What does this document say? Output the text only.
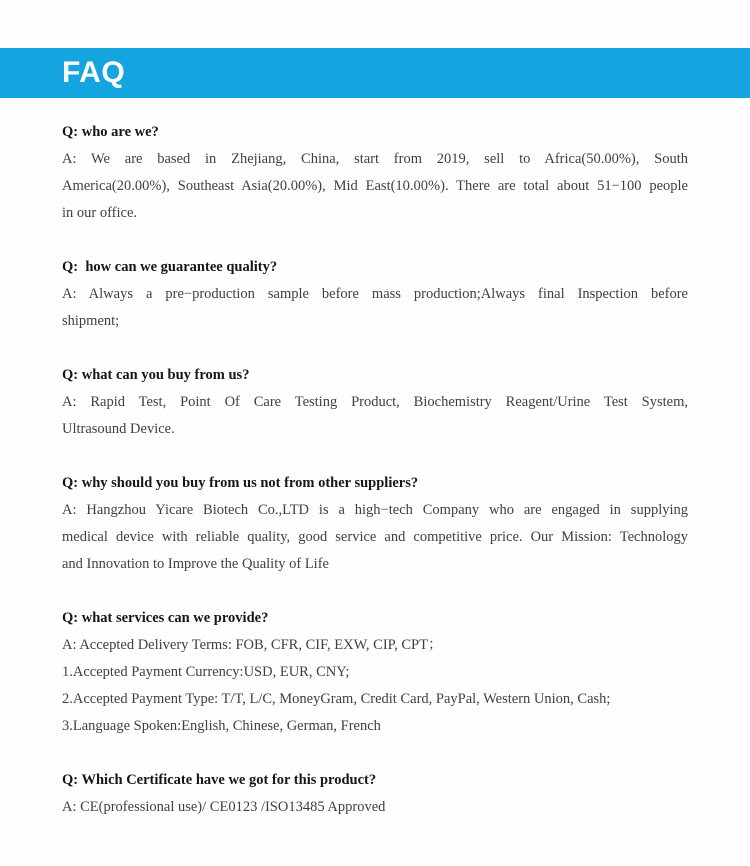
FAQ
Q: who are we?
A: We are based in Zhejiang, China, start from 2019, sell to Africa(50.00%), South
America(20.00%), Southeast Asia(20.00%), Mid East(10.00%). There are total about 51−100 people
in our office.
Q:  how can we guarantee quality?
A: Always a pre−production sample before mass production;Always final Inspection before
shipment;
Q: what can you buy from us?
A: Rapid Test, Point Of Care Testing Product, Biochemistry Reagent/Urine Test System,
Ultrasound Device.
Q: why should you buy from us not from other suppliers?
A: Hangzhou Yicare Biotech Co.,LTD is a high−tech Company who are engaged in supplying
medical device with reliable quality, good service and competitive price. Our Mission: Technology
and Innovation to Improve the Quality of Life
Q: what services can we provide?
A: Accepted Delivery Terms: FOB, CFR, CIF, EXW, CIP, CPT；
1.Accepted Payment Currency:USD, EUR, CNY;
2.Accepted Payment Type: T/T, L/C, MoneyGram, Credit Card, PayPal, Western Union, Cash;
3.Language Spoken:English, Chinese, German, French
Q: Which Certificate have we got for this product?
A: CE(professional use)/ CE0123 /ISO13485 Approved
